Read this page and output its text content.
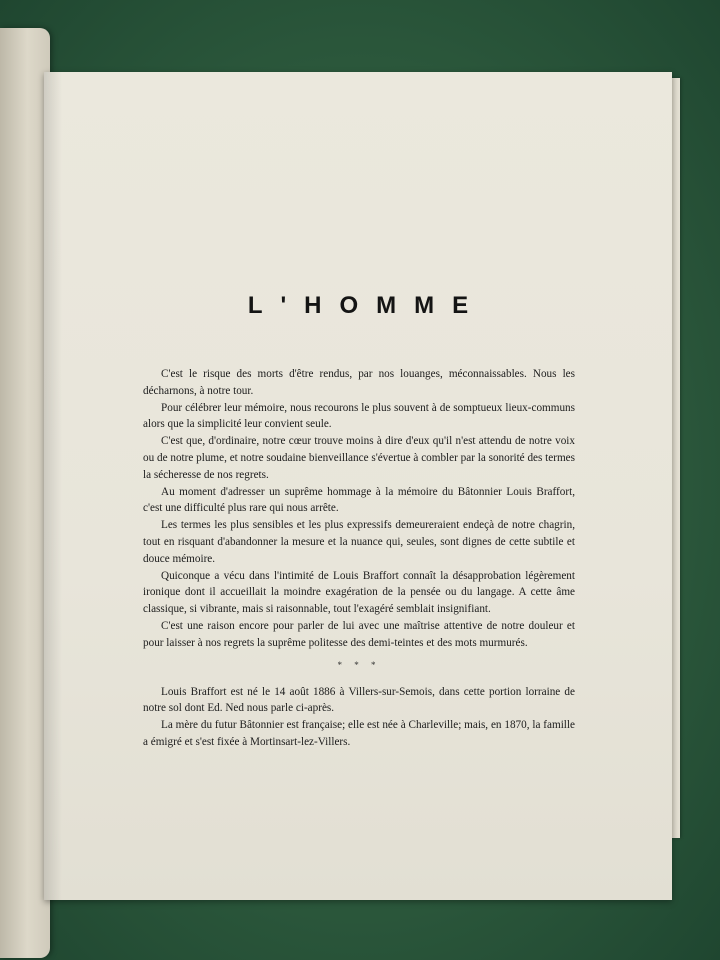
L'HOMME

C'est le risque des morts d'être rendus, par nos louanges, méconnaissables. Nous les décharnons, à notre tour.

Pour célébrer leur mémoire, nous recourons le plus souvent à de somptueux lieux-communs alors que la simplicité leur convient seule.

C'est que, d'ordinaire, notre cœur trouve moins à dire d'eux qu'il n'est attendu de notre voix ou de notre plume, et notre soudaine bienveillance s'évertue à combler par la sonorité des termes la sécheresse de nos regrets.

Au moment d'adresser un suprême hommage à la mémoire du Bâtonnier Louis Braffort, c'est une difficulté plus rare qui nous arrête.

Les termes les plus sensibles et les plus expressifs demeureraient endeçà de notre chagrin, tout en risquant d'abandonner la mesure et la nuance qui, seules, sont dignes de cette subtile et douce mémoire.

Quiconque a vécu dans l'intimité de Louis Braffort connaît la désapprobation légèrement ironique dont il accueillait la moindre exagération de la pensée ou du langage. A cette âme classique, si vibrante, mais si raisonnable, tout l'exagéré semblait insignifiant.

C'est une raison encore pour parler de lui avec une maîtrise attentive de notre douleur et pour laisser à nos regrets la suprême politesse des demi-teintes et des mots murmurés.

* * *

Louis Braffort est né le 14 août 1886 à Villers-sur-Semois, dans cette portion lorraine de notre sol dont Ed. Ned nous parle ci-après.

La mère du futur Bâtonnier est française; elle est née à Charleville; mais, en 1870, la famille a émigré et s'est fixée à Mortinsart-lez-Villers.
